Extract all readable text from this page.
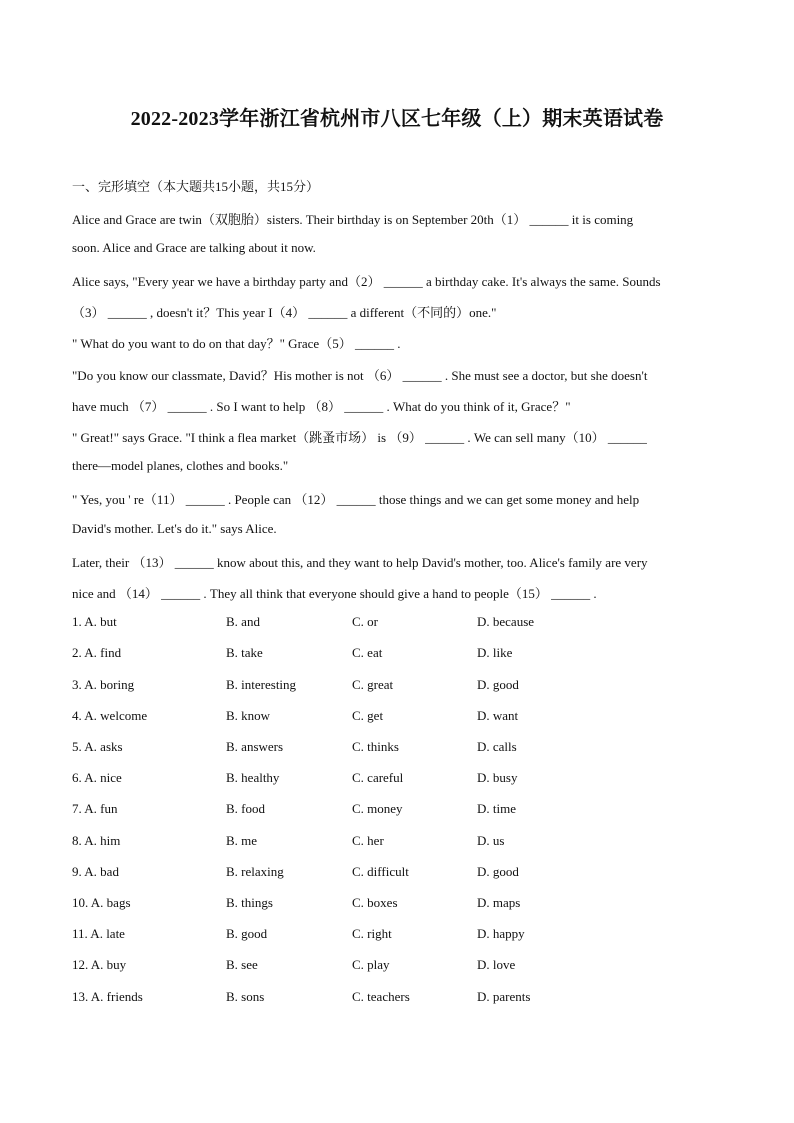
2022-2023学年浙江省杭州市八区七年级（上）期末英语试卷
一、完形填空（本大题共15小题，共15分）
Alice and Grace are twin（双胞胎）sisters. Their birthday is on September 20th（1） ______ it is coming
soon. Alice and Grace are talking about it now.
Alice says, "Every year we have a birthday party and（2） ______ a birthday cake. It's always the same. Sounds
（3） ______ , doesn't it？This year I（4） ______ a different（不同的）one."
" What do you want to do on that day？" Grace（5） ______ .
"Do you know our classmate, David？His mother is not （6） ______ . She must see a doctor, but she doesn't
have much （7） ______ . So I want to help （8） ______ . What do you think of it, Grace？"
" Great!" says Grace. "I think a flea market（跳蚤市场） is （9） ______ . We can sell many（10） ______
there—model planes, clothes and books."
" Yes, you ' re（11） ______ . People can （12） ______ those things and we can get some money and help
David's mother. Let's do it." says Alice.
Later, their （13） ______ know about this, and they want to help David's mother, too. Alice's family are very
nice and （14） ______ . They all think that everyone should give a hand to people（15） ______ .
1. A. but	B. and	C. or	D. because
2. A. find	B. take	C. eat	D. like
3. A. boring	B. interesting	C. great	D. good
4. A. welcome	B. know	C. get	D. want
5. A. asks	B. answers	C. thinks	D. calls
6. A. nice	B. healthy	C. careful	D. busy
7. A. fun	B. food	C. money	D. time
8. A. him	B. me	C. her	D. us
9. A. bad	B. relaxing	C. difficult	D. good
10. A. bags	B. things	C. boxes	D. maps
11. A. late	B. good	C. right	D. happy
12. A. buy	B. see	C. play	D. love
13. A. friends	B. sons	C. teachers	D. parents
